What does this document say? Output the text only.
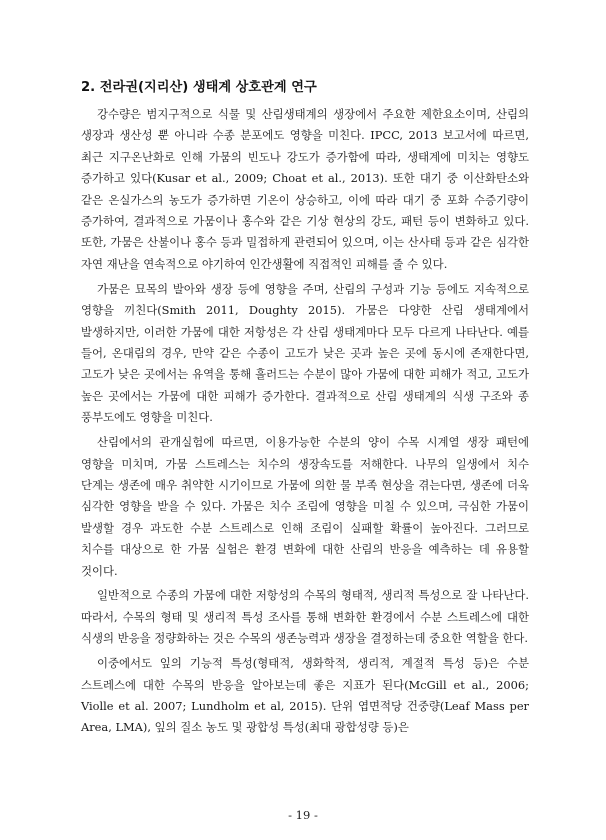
2. 전라권(지리산) 생태계 상호관계 연구

강수량은 범지구적으로 식물 및 산림생태계의 생장에서 주요한 제한요소이며, 산림의 생장과 생산성 뿐 아니라 수종 분포에도 영향을 미친다. IPCC, 2013 보고서에 따르면, 최근 지구온난화로 인해 가뭄의 빈도나 강도가 증가함에 따라, 생태계에 미치는 영향도 증가하고 있다(Kusar et al., 2009; Choat et al., 2013). 또한 대기 중 이산화탄소와 같은 온실가스의 농도가 증가하면 기온이 상승하고, 이에 따라 대기 중 포화 수증기량이 증가하여, 결과적으로 가뭄이나 홍수와 같은 기상 현상의 강도, 패턴 등이 변화하고 있다. 또한, 가뭄은 산불이나 홍수 등과 밀접하게 관련되어 있으며, 이는 산사태 등과 같은 심각한 자연 재난을 연속적으로 야기하여 인간생활에 직접적인 피해를 줄 수 있다.

가뭄은 묘목의 발아와 생장 등에 영향을 주며, 산림의 구성과 기능 등에도 지속적으로 영향을 끼친다(Smith 2011, Doughty 2015). 가뭄은 다양한 산림 생태계에서 발생하지만, 이러한 가뭄에 대한 저항성은 각 산림 생태계마다 모두 다르게 나타난다. 예를 들어, 온대림의 경우, 만약 같은 수종이 고도가 낮은 곳과 높은 곳에 동시에 존재한다면, 고도가 낮은 곳에서는 유역을 통해 흘러드는 수분이 많아 가뭄에 대한 피해가 적고, 고도가 높은 곳에서는 가뭄에 대한 피해가 증가한다. 결과적으로 산림 생태계의 식생 구조와 종 풍부도에도 영향을 미친다.

산림에서의 관개실험에 따르면, 이용가능한 수분의 양이 수목 시계열 생장 패턴에 영향을 미치며, 가뭄 스트레스는 치수의 생장속도를 저해한다. 나무의 일생에서 치수 단계는 생존에 매우 취약한 시기이므로 가뭄에 의한 물 부족 현상을 겪는다면, 생존에 더욱 심각한 영향을 받을 수 있다. 가뭄은 치수 조림에 영향을 미칠 수 있으며, 극심한 가뭄이 발생할 경우 과도한 수분 스트레스로 인해 조림이 실패할 확률이 높아진다. 그러므로 치수를 대상으로 한 가뭄 실험은 환경 변화에 대한 산림의 반응을 예측하는 데 유용할 것이다.

일반적으로 수종의 가뭄에 대한 저항성의 수목의 형태적, 생리적 특성으로 잘 나타난다. 따라서, 수목의 형태 및 생리적 특성 조사를 통해 변화한 환경에서 수분 스트레스에 대한 식생의 반응을 정량화하는 것은 수목의 생존능력과 생장을 결정하는데 중요한 역할을 한다.

이중에서도 잎의 기능적 특성(형태적, 생화학적, 생리적, 계절적 특성 등)은 수분 스트레스에 대한 수목의 반응을 알아보는데 좋은 지표가 된다(McGill et al., 2006; Violle et al. 2007; Lundholm et al, 2015). 단위 엽면적당 건중량(Leaf Mass per Area, LMA), 잎의 질소 농도 및 광합성 특성(최대 광합성량 등)은

- 19 -
